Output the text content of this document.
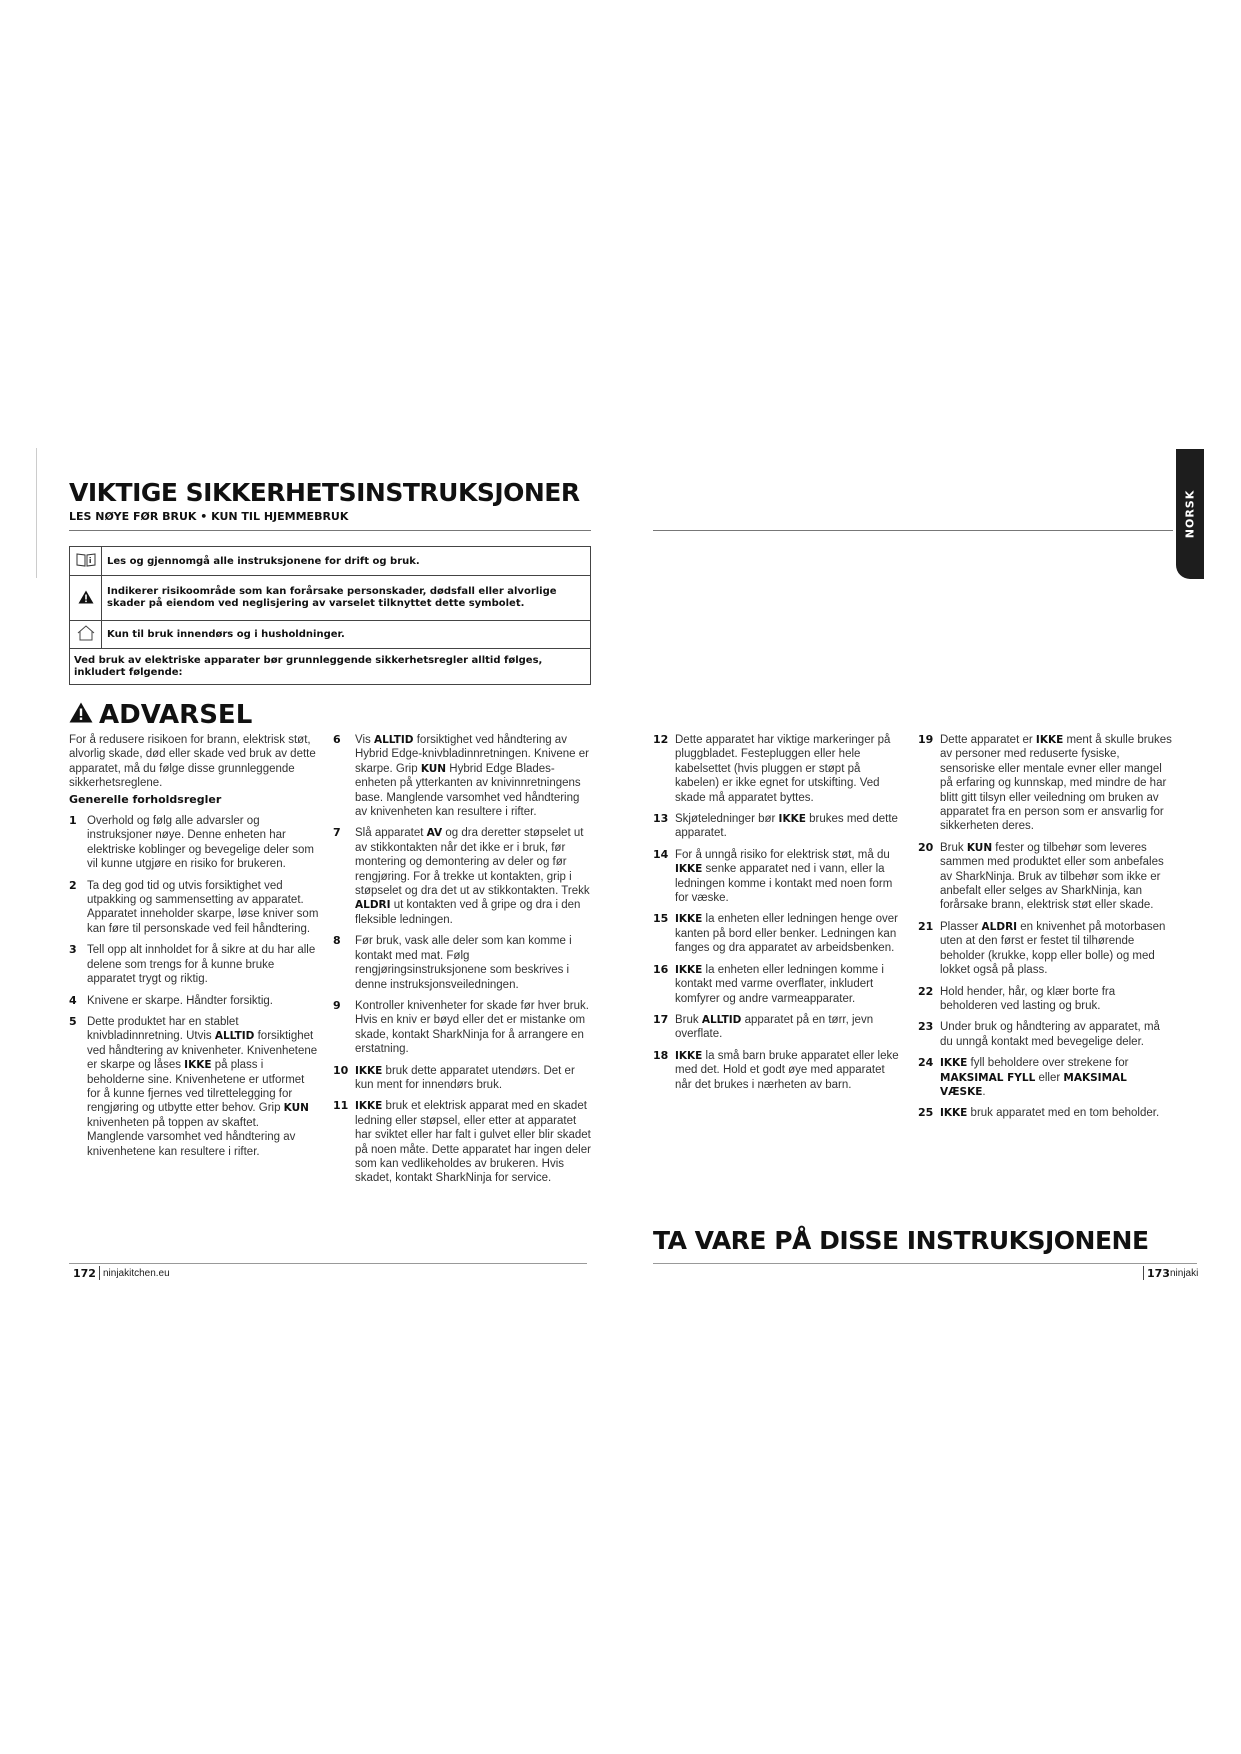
VIKTIGE SIKKERHETSINSTRUKSJONER
LES NØYE FØR BRUK • KUN TIL HJEMMEBRUK	NORSK
	Les og gjennomgå alle instruksjonene for drift og bruk.
	Indikerer risikoområde som kan forårsake personskader, dødsfall eller alvorlige skader på eiendom ved neglisjering av varselet tilknyttet dette symbolet.
	Kun til bruk innendørs og i husholdninger.
Ved bruk av elektriske apparater bør grunnleggende sikkerhetsregler alltid følges, inkludert følgende:	
ADVARSEL

For å redusere risikoen for brann, elektrisk støt, alvorlig skade, død eller skade ved bruk av dette apparatet, må du følge disse grunnleggende sikkerhetsreglene.

Generelle forholdsregler

1 Overhold og følg alle advarsler og instruksjoner nøye. Denne enheten har elektriske koblinger og bevegelige deler som vil kunne utgjøre en risiko for brukeren.
2 Ta deg god tid og utvis forsiktighet ved utpakking og sammensetting av apparatet. Apparatet inneholder skarpe, løse kniver som kan føre til personskade ved feil håndtering.
3 Tell opp alt innholdet for å sikre at du har alle delene som trengs for å kunne bruke apparatet trygt og riktig.
4 Knivene er skarpe. Håndter forsiktig.
5 Dette produktet har en stablet knivbladinnretning. Utvis ALLTID forsiktighet ved håndtering av knivenheter. Knivenhetene er skarpe og låses IKKE på plass i beholderne sine. Knivenhetene er utformet for å kunne fjernes ved tilrettelegging for rengjøring og utbytte etter behov. Grip KUN knivenheten på toppen av skaftet. Manglende varsomhet ved håndtering av knivenhetene kan resultere i rifter.
6 Vis ALLTID forsiktighet ved håndtering av Hybrid Edge-knivbladinnretningen. Knivene er skarpe. Grip KUN Hybrid Edge Blades-enheten på ytterkanten av knivinnretningens base. Manglende varsomhet ved håndtering av knivenheten kan resultere i rifter.
7 Slå apparatet AV og dra deretter støpselet ut av stikkontakten når det ikke er i bruk, før montering og demontering av deler og før rengjøring. For å trekke ut kontakten, grip i støpselet og dra det ut av stikkontakten. Trekk ALDRI ut kontakten ved å gripe og dra i den fleksible ledningen.
8 Før bruk, vask alle deler som kan komme i kontakt med mat. Følg rengjøringsinstruksjonene som beskrives i denne instruksjonsveiledningen.
9 Kontroller knivenheter for skade før hver bruk. Hvis en kniv er bøyd eller det er mistanke om skade, kontakt SharkNinja for å arrangere en erstatning.
10 IKKE bruk dette apparatet utendørs. Det er kun ment for innendørs bruk.
11 IKKE bruk et elektrisk apparat med en skadet ledning eller støpsel, eller etter at apparatet har sviktet eller har falt i gulvet eller blir skadet på noen måte. Dette apparatet har ingen deler som kan vedlikeholdes av brukeren. Hvis skadet, kontakt SharkNinja for service.
12 Dette apparatet har viktige markeringer på pluggbladet. Festepluggen eller hele kabelsettet (hvis pluggen er støpt på kabelen) er ikke egnet for utskifting. Ved skade må apparatet byttes.
13 Skjøteledninger bør IKKE brukes med dette apparatet.
14 For å unngå risiko for elektrisk støt, må du IKKE senke apparatet ned i vann, eller la ledningen komme i kontakt med noen form for væske.
15 IKKE la enheten eller ledningen henge over kanten på bord eller benker. Ledningen kan fanges og dra apparatet av arbeidsbenken.
16 IKKE la enheten eller ledningen komme i kontakt med varme overflater, inkludert komfyrer og andre varmeapparater.
17 Bruk ALLTID apparatet på en tørr, jevn overflate.
18 IKKE la små barn bruke apparatet eller leke med det. Hold et godt øye med apparatet når det brukes i nærheten av barn.
19 Dette apparatet er IKKE ment å skulle brukes av personer med reduserte fysiske, sensoriske eller mentale evner eller mangel på erfaring og kunnskap, med mindre de har blitt gitt tilsyn eller veiledning om bruken av apparatet fra en person som er ansvarlig for sikkerheten deres.
20 Bruk KUN fester og tilbehør som leveres sammen med produktet eller som anbefales av SharkNinja. Bruk av tilbehør som ikke er anbefalt eller selges av SharkNinja, kan forårsake brann, elektrisk støt eller skade.
21 Plasser ALDRI en knivenhet på motorbasen uten at den først er festet til tilhørende beholder (krukke, kopp eller bolle) og med lokket også på plass.
22 Hold hender, hår, og klær borte fra beholderen ved lasting og bruk.
23 Under bruk og håndtering av apparatet, må du unngå kontakt med bevegelige deler.
24 IKKE fyll beholdere over strekene for MAKSIMAL FYLL eller MAKSIMAL VÆSKE.
25 IKKE bruk apparatet med en tom beholder.
TA VARE PÅ DISSE INSTRUKSJONENE
172 ninjakitchen.eu	173 ninjaki
